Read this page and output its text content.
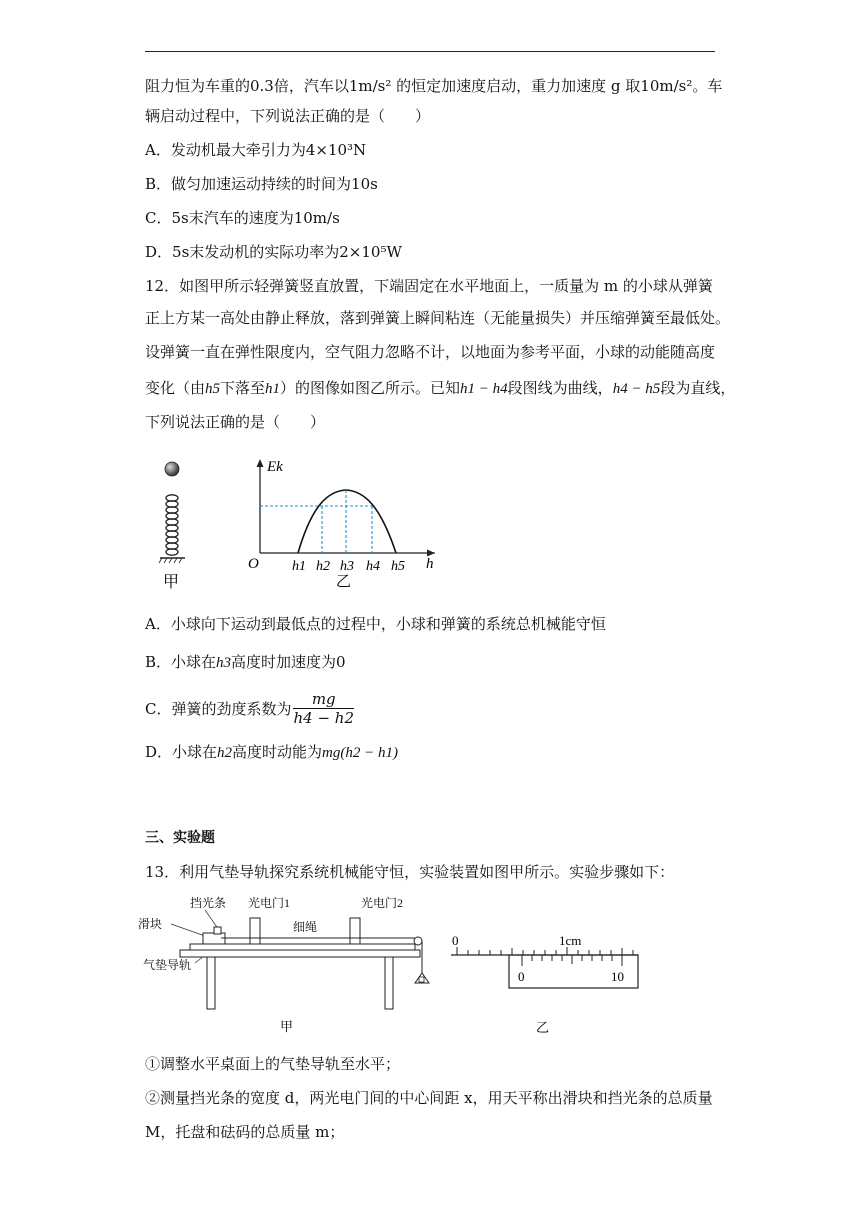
阻力恒为车重的0.3倍，汽车以1m/s² 的恒定加速度启动，重力加速度 g 取10m/s²。车
辆启动过程中，下列说法正确的是（　　）
A．发动机最大牵引力为4×10³N
B．做匀加速运动持续的时间为10s
C．5s末汽车的速度为10m/s
D．5s末发动机的实际功率为2×10⁵W
12．如图甲所示轻弹簧竖直放置，下端固定在水平地面上，一质量为 m 的小球从弹簧
正上方某一高处由静止释放，落到弹簧上瞬间粘连（无能量损失）并压缩弹簧至最低处。
设弹簧一直在弹性限度内，空气阻力忽略不计，以地面为参考平面，小球的动能随高度
变化（由h5下落至h1）的图像如图乙所示。已知h1 − h4段图线为曲线，h4 − h5段为直线，
下列说法正确的是（　　）
甲
Ek
O	h
h1 h2 h3 h4 h5
乙
A．小球向下运动到最低点的过程中，小球和弹簧的系统总机械能守恒
B．小球在h3高度时加速度为0
C．弹簧的劲度系数为 $\frac{mg}{h4 - h2}$
D．小球在h2高度时动能为mg(h2 − h1)
三、实验题
13．利用气垫导轨探究系统机械能守恒，实验装置如图甲所示。实验步骤如下：
挡光条 光电门1	光电门2
滑块	细绳
气垫导轨
甲
0	1cm
0	10
乙
①调整水平桌面上的气垫导轨至水平；
②测量挡光条的宽度 d，两光电门间的中心间距 x，用天平称出滑块和挡光条的总质量
M，托盘和砝码的总质量 m；
